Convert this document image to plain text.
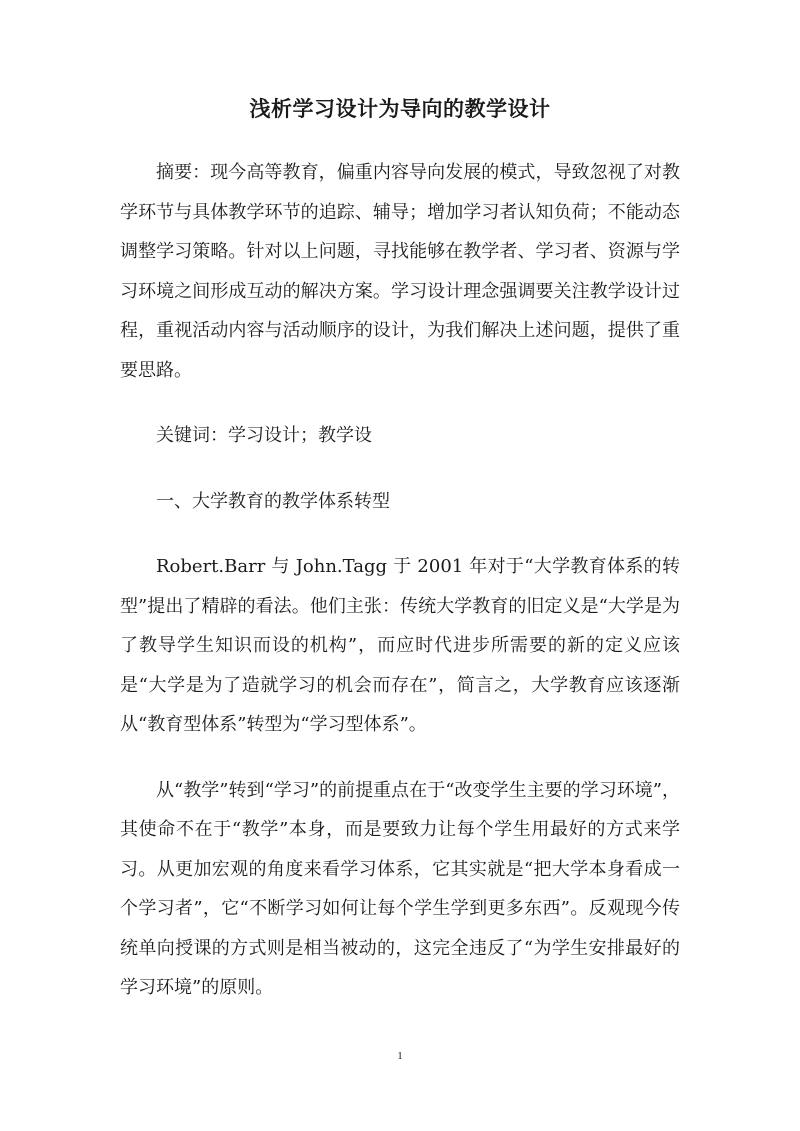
浅析学习设计为导向的教学设计

摘要：现今高等教育，偏重内容导向发展的模式，导致忽视了对教学环节与具体教学环节的追踪、辅导；增加学习者认知负荷；不能动态调整学习策略。针对以上问题，寻找能够在教学者、学习者、资源与学习环境之间形成互动的解决方案。学习设计理念强调要关注教学设计过程，重视活动内容与活动顺序的设计，为我们解决上述问题，提供了重要思路。

关键词：学习设计；教学设

一、大学教育的教学体系转型

Robert.Barr 与 John.Tagg 于 2001 年对于“大学教育体系的转型”提出了精辟的看法。他们主张：传统大学教育的旧定义是“大学是为了教导学生知识而设的机构”，而应时代进步所需要的新的定义应该是“大学是为了造就学习的机会而存在”，简言之，大学教育应该逐渐从“教育型体系”转型为“学习型体系”。

从“教学”转到“学习”的前提重点在于“改变学生主要的学习环境”，其使命不在于“教学”本身，而是要致力让每个学生用最好的方式来学习。从更加宏观的角度来看学习体系，它其实就是“把大学本身看成一个学习者”，它“不断学习如何让每个学生学到更多东西”。反观现今传统单向授课的方式则是相当被动的，这完全违反了“为学生安排最好的学习环境”的原则。

1
